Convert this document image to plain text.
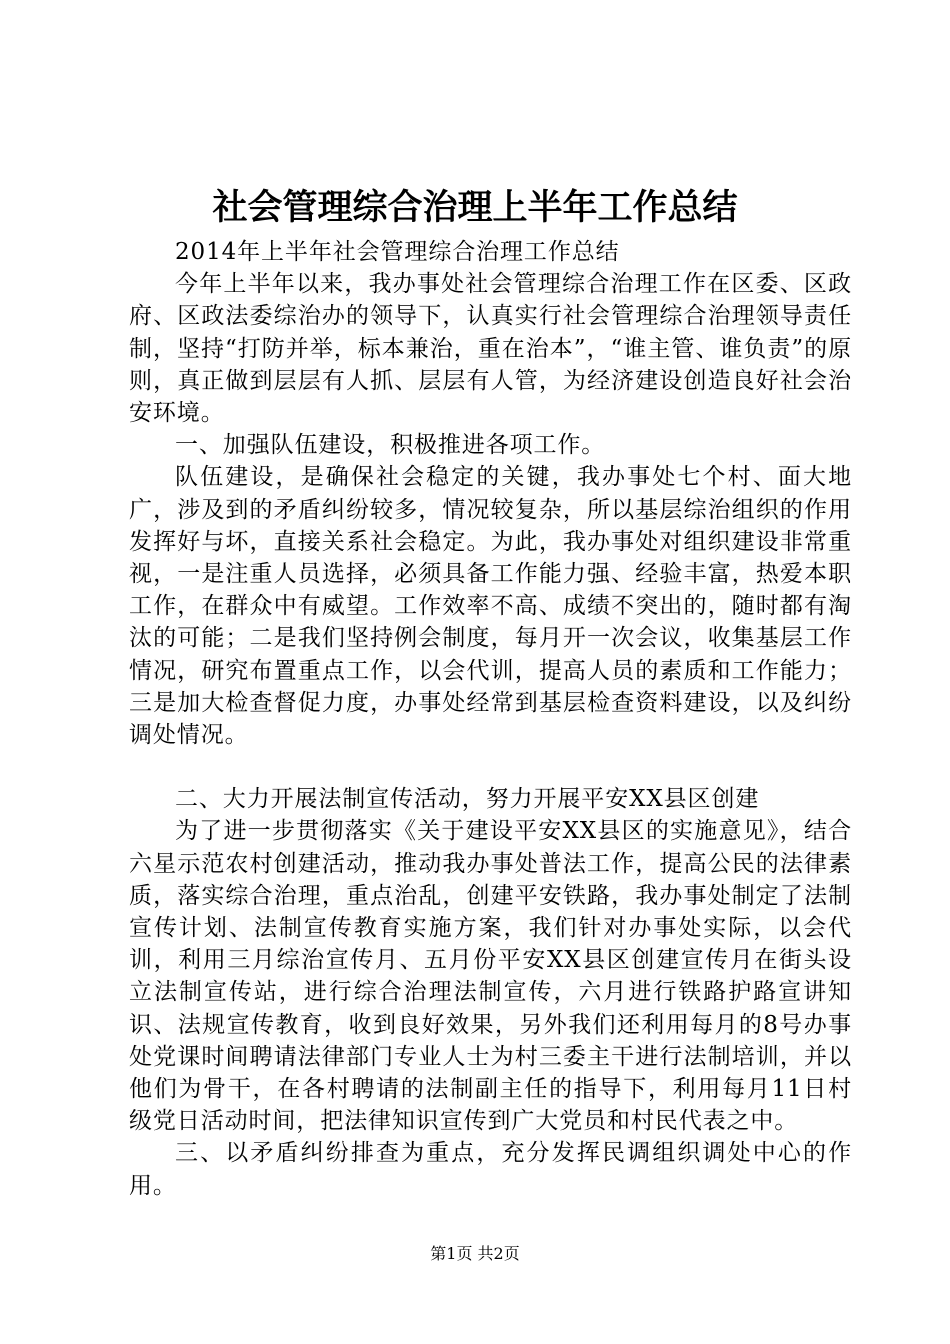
社会管理综合治理上半年工作总结

2014年上半年社会管理综合治理工作总结

今年上半年以来，我办事处社会管理综合治理工作在区委、区政府、区政法委综治办的领导下，认真实行社会管理综合治理领导责任制，坚持“打防并举，标本兼治，重在治本”，“谁主管、谁负责”的原则，真正做到层层有人抓、层层有人管，为经济建设创造良好社会治安环境。

一、加强队伍建设，积极推进各项工作。

队伍建设，是确保社会稳定的关键，我办事处七个村、面大地广，涉及到的矛盾纠纷较多，情况较复杂，所以基层综治组织的作用发挥好与坏，直接关系社会稳定。为此，我办事处对组织建设非常重视，一是注重人员选择，必须具备工作能力强、经验丰富，热爱本职工作，在群众中有威望。工作效率不高、成绩不突出的，随时都有淘汰的可能；二是我们坚持例会制度，每月开一次会议，收集基层工作情况，研究布置重点工作，以会代训，提高人员的素质和工作能力；三是加大检查督促力度，办事处经常到基层检查资料建设，以及纠纷调处情况。

二、大力开展法制宣传活动，努力开展平安XX县区创建

为了进一步贯彻落实《关于建设平安XX县区的实施意见》，结合六星示范农村创建活动，推动我办事处普法工作，提高公民的法律素质，落实综合治理，重点治乱，创建平安铁路，我办事处制定了法制宣传计划、法制宣传教育实施方案，我们针对办事处实际，以会代训，利用三月综治宣传月、五月份平安XX县区创建宣传月在街头设立法制宣传站，进行综合治理法制宣传，六月进行铁路护路宣讲知识、法规宣传教育，收到良好效果，另外我们还利用每月的8号办事处党课时间聘请法律部门专业人士为村三委主干进行法制培训，并以他们为骨干，在各村聘请的法制副主任的指导下，利用每月11日村级党日活动时间，把法律知识宣传到广大党员和村民代表之中。

三、以矛盾纠纷排查为重点，充分发挥民调组织调处中心的作用。

第1页 共2页
